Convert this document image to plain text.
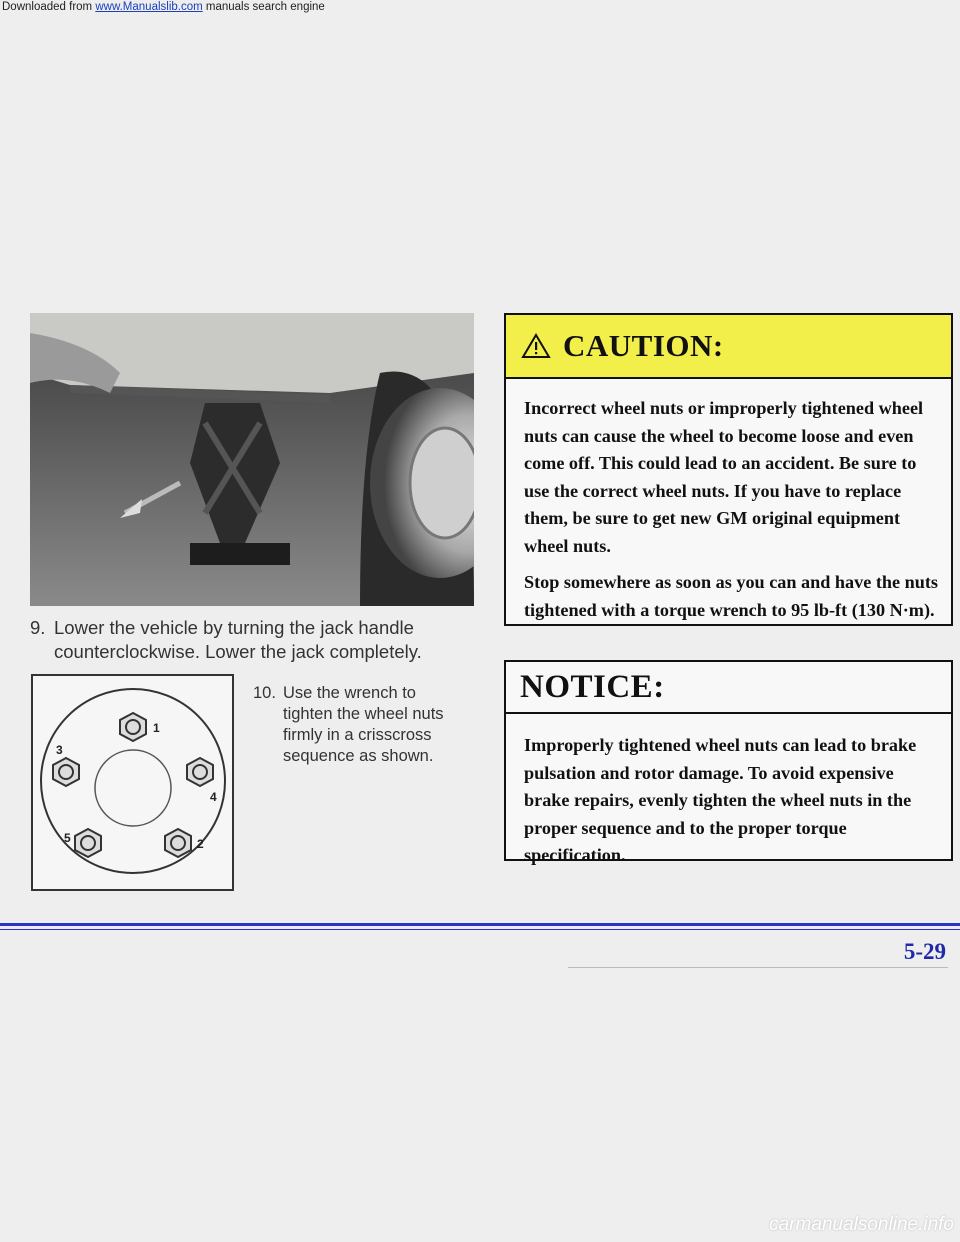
Downloaded from www.Manualslib.com manuals search engine
9. Lower the vehicle by turning the jack handle counterclockwise. Lower the jack completely.
1
3
4
5	2
10. Use the wrench to tighten the wheel nuts firmly in a crisscross sequence as shown.
CAUTION:

Incorrect wheel nuts or improperly tightened wheel nuts can cause the wheel to become loose and even come off. This could lead to an accident. Be sure to use the correct wheel nuts. If you have to replace them, be sure to get new GM original equipment wheel nuts.

Stop somewhere as soon as you can and have the nuts tightened with a torque wrench to 95 lb-ft (130 N·m).

NOTICE:
Improperly tightened wheel nuts can lead to brake pulsation and rotor damage. To avoid expensive brake repairs, evenly tighten the wheel nuts in the proper sequence and to the proper torque specification.
5-29
carmanualsonline.info
